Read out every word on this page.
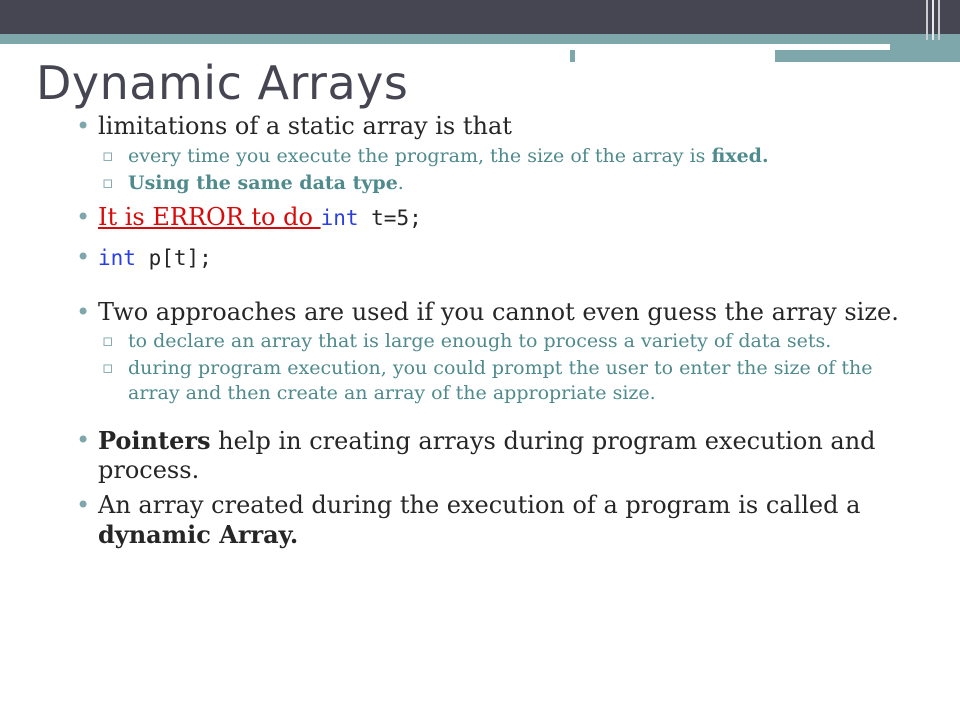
Dynamic Arrays

• limitations of a static array is that

▫ every time you execute the program, the size of the array is fixed.

▫ Using the same data type.

• It is ERROR to do int t=5;

• int p[t];

• Two approaches are used if you cannot even guess the array size.

▫ to declare an array that is large enough to process a variety of data sets.

▫ during program execution, you could prompt the user to enter the size of the array and then create an array of the appropriate size.

• Pointers help in creating arrays during program execution and process.

• An array created during the execution of a program is called a dynamic Array.
